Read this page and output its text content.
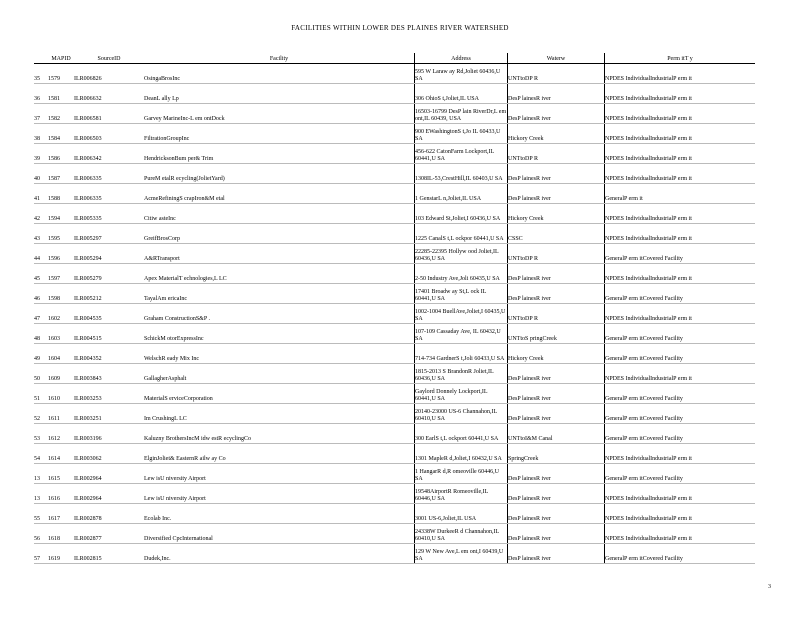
FACILITIES WITHIN LOWER DES PLAINES RIVER WATERSHED
	MAPID	SourceID	Facility	Address	Waterw	Perm itT y
35	1579	ILR006826	OsingaBrosInc	595 W Laraw ay Rd,Joliet 60436,U SA	UNTtoDP R	NPDES IndividualIndustrialP erm it
36	1581	ILR006632	DeanL ally Lp	306 OhioS t,Joliet,IL USA	DesP lainesR iver	NPDES IndividualIndustrialP erm it
37	1582	ILR006581	Garvey MarineInc-L em ontDock	16503-16799 DesP lain RiverDr,L em ont,IL 60439, USA	DesP lainesR iver	NPDES IndividualIndustrialP erm it
38	1584	ILR006503	FiltrationGroupInc	900 EWashingtonS t,Jo IL 60433,U SA	Hickory Creek	NPDES IndividualIndustrialP erm it
39	1586	ILR006342	HendricksonBum per& Trim	456-622 CatonFarm Lockport,IL 60441,U SA	UNTtoDP R	NPDES IndividualIndustrialP erm it
40	1587	ILR006335	PureM etalR ecycling(JolietYard)	1308IL-53,CrestHill,IL 60403,U SA	DesP lainesR iver	NPDES IndividualIndustrialP erm it
41	1588	ILR006335	AcmeRefiningS crapIron&M etal	1 GenstarL n,Joliet,IL USA	DesP lainesR iver	GeneralP erm it
42	1594	ILR005335	Citiw asteInc	103 Edward St,Joliet,I 60436,U SA	Hickory Creek	NPDES IndividualIndustrialP erm it
43	1595	ILR005297	GreifBrosCorp	1225 CanalS t,L ockpor 60441,U SA	CSSC	NPDES IndividualIndustrialP erm it
44	1596	ILR005294	A&RTransport	22285-22395 Hollyw ood Joliet,IL 60436,U SA	UNTtoDP R	GeneralP erm itCovered Facility
45	1597	ILR005279	Apex MaterialT echnologies,L LC	2-50 Industry Ave,Joli 60435,U SA	DesP lainesR iver	NPDES IndividualIndustrialP erm it
46	1598	ILR005212	TayalAm ericaInc	17401 Broadw ay St,L ock IL 60441,U SA	DesP lainesR iver	GeneralP erm itCovered Facility
47	1602	ILR004535	Graham ConstructionS&P .	1002-1004 BuellAve,Joliet,I 60435,U SA	UNTtoDP R	NPDES IndividualIndustrialP erm it
48	1603	ILR004515	SchickM otorExpressInc	107-109 Cassaday Ave, IL 60432,U SA	UNTtoS pringCreek	GeneralP erm itCovered Facility
49	1604	ILR004352	WelschR eady Mix Inc	714-734 GardnerS t,Joli 60433,U SA	Hickory Creek	GeneralP erm itCovered Facility
50	1609	ILR003843	GallagherAsphalt	1815-2013 S BrandonR Joliet,IL 60436,U SA	DesP lainesR iver	NPDES IndividualIndustrialP erm it
51	1610	ILR003253	MaterialS erviceCorporation	Gaylord Donnely Lockport,IL 60441,U SA	DesP lainesR iver	GeneralP erm itCovered Facility
52	1611	ILR003251	Im CrushingL LC	20140-23000 US-6 Channahon,IL 60410,U SA	DesP lainesR iver	GeneralP erm itCovered Facility
53	1612	ILR003196	Kaluzny BrothersIncM idw estR ecyclingCo	300 EarlS t,L ockport 60441,U SA	UNTtoI&M Canal	GeneralP erm itCovered Facility
54	1614	ILR003062	ElginJoliet& EasternR ailw ay Co	1301 MapleR d,Joliet,I 60432,U SA	SpringCreek	NPDES IndividualIndustrialP erm it
13	1615	ILR002964	Lew isU niversity Airport	1 HangarR d,R omeoville 60446,U SA	DesP lainesR iver	GeneralP erm itCovered Facility
13	1616	ILR002964	Lew isU niversity Airport	19548AirportR Romeoville,IL 60446,U SA	DesP lainesR iver	NPDES IndividualIndustrialP erm it
55	1617	ILR002878	Ecolab Inc.	3001 US-6,Joliet,IL USA	DesP lainesR iver	NPDES IndividualIndustrialP erm it
56	1618	ILR002877	Diversified CpcInternational	24338W DurkeeR d Channahon,IL 60410,U SA	DesP lainesR iver	NPDES IndividualIndustrialP erm it
57	1619	ILR002815	Dudek,Inc.	129 W New Ave,L em ont,I 60439,U SA	DesP lainesR iver	GeneralP erm itCovered Facility
3
